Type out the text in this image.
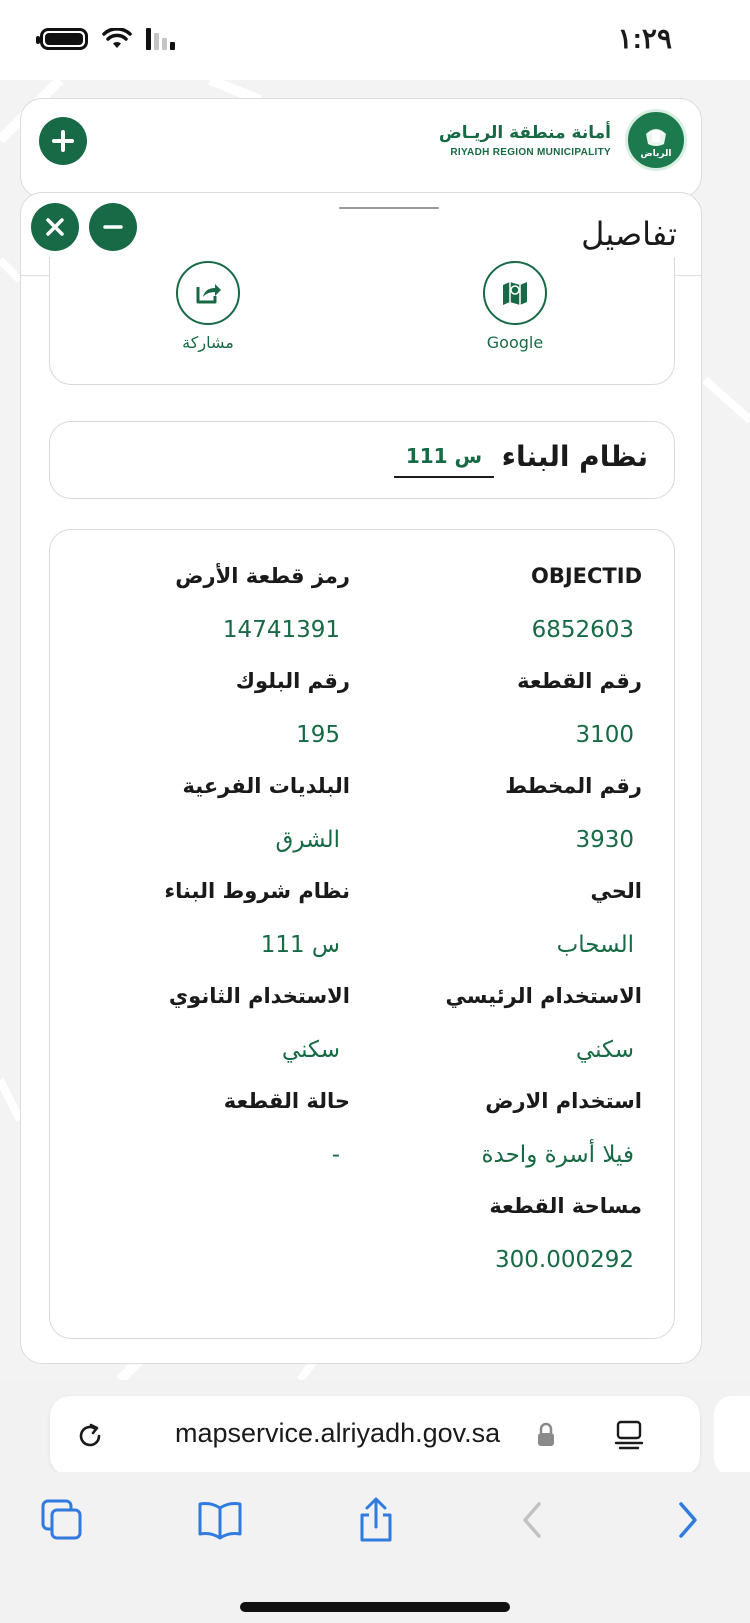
١:٢٩
أمانة منطقة الريـاض
RIYADH REGION MUNICIPALITY	الرياض
تفاصيل
Google
مشاركة
نظام البناء
س 111
OBJECTID
6852603
رمز قطعة الأرض
14741391
رقم القطعة
3100
رقم البلوك
195
رقم المخطط
3930
البلديات الفرعية
الشرق
الحي
السحاب
نظام شروط البناء
س 111
الاستخدام الرئيسي
سكني
الاستخدام الثانوي
سكني
استخدام الارض
فيلا أسرة واحدة
حالة القطعة
-
مساحة القطعة
300.000292
mapservice.alriyadh.gov.sa
